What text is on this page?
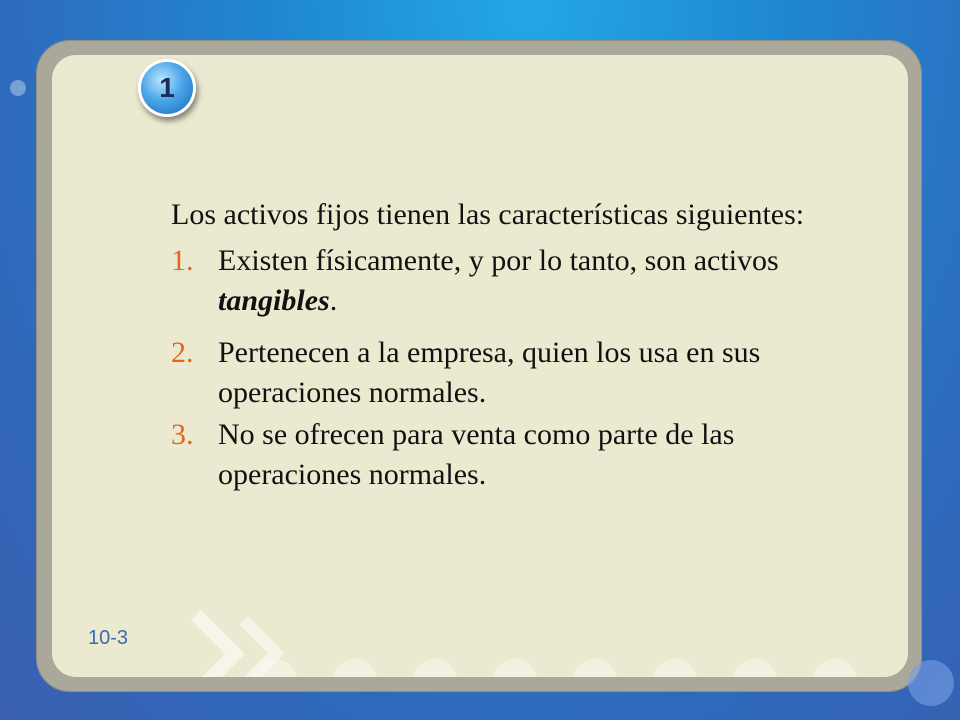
1
Los activos fijos tienen las características siguientes:
1. Existen físicamente, y por lo tanto, son activos tangibles.
2. Pertenecen a la empresa, quien los usa en sus operaciones normales.
3. No se ofrecen para venta como parte de las operaciones normales.
10-3
